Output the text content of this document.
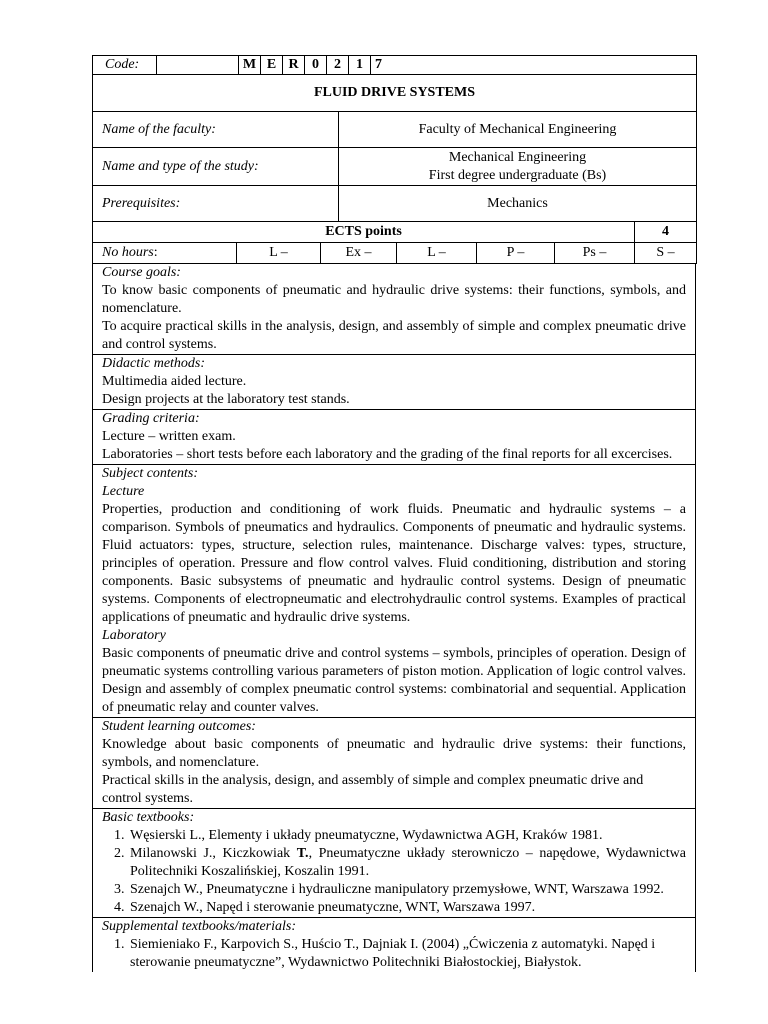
Code:		M	E	R	0	2	1	7
FLUID DRIVE SYSTEMS	
Name of the faculty:	Faculty of Mechanical Engineering
Name and type of the study:	Mechanical Engineering
First degree undergraduate (Bs)

Prerequisites:	Mechanics
ECTS points						4
No hours:	L –	Ex –	L –	P –	Ps –	S –
Course goals:

To know basic components of pneumatic and hydraulic drive systems: their functions, symbols, and nomenclature.

To acquire practical skills in the analysis, design, and assembly of simple and complex pneumatic drive and control systems.

Didactic methods:

Multimedia aided lecture.

Design projects at the laboratory test stands.

Grading criteria:

Lecture – written exam.

Laboratories – short tests before each laboratory and the grading of the final reports for all excercises.

Subject contents:
Lecture

Properties, production and conditioning of work fluids. Pneumatic and hydraulic systems – a comparison. Symbols of pneumatics and hydraulics. Components of pneumatic and hydraulic systems. Fluid actuators: types, structure, selection rules, maintenance. Discharge valves: types, structure, principles of operation. Pressure and flow control valves. Fluid conditioning, distribution and storing components. Basic subsystems of pneumatic and hydraulic control systems. Design of pneumatic systems. Components of electropneumatic and electrohydraulic control systems. Examples of practical applications of pneumatic and hydraulic drive systems.

Laboratory

Basic components of pneumatic drive and control systems – symbols, principles of operation. Design of pneumatic systems controlling various parameters of piston motion. Application of logic control valves. Design and assembly of complex pneumatic control systems: combinatorial and sequential. Application of pneumatic relay and counter valves.

Student learning outcomes:

Knowledge about basic components of pneumatic and hydraulic drive systems: their functions, symbols, and nomenclature.

Practical skills in the analysis, design, and assembly of simple and complex pneumatic drive and control systems.

Basic textbooks:
1. Węsierski L., Elementy i układy pneumatyczne, Wydawnictwa AGH, Kraków 1981.
2. Milanowski J., Kiczkowiak T., Pneumatyczne układy sterowniczo – napędowe, Wydawnictwa Politechniki Koszalińskiej, Koszalin 1991.
3. Szenajch W., Pneumatyczne i hydrauliczne manipulatory przemysłowe, WNT, Warszawa 1992.
4. Szenajch W., Napęd i sterowanie pneumatyczne, WNT, Warszawa 1997.
Supplemental textbooks/materials:
1. Siemieniako F., Karpovich S., Huścio T., Dajniak I. (2004) „Ćwiczenia z automatyki. Napęd i sterowanie pneumatyczne”, Wydawnictwo Politechniki Białostockiej, Białystok.
